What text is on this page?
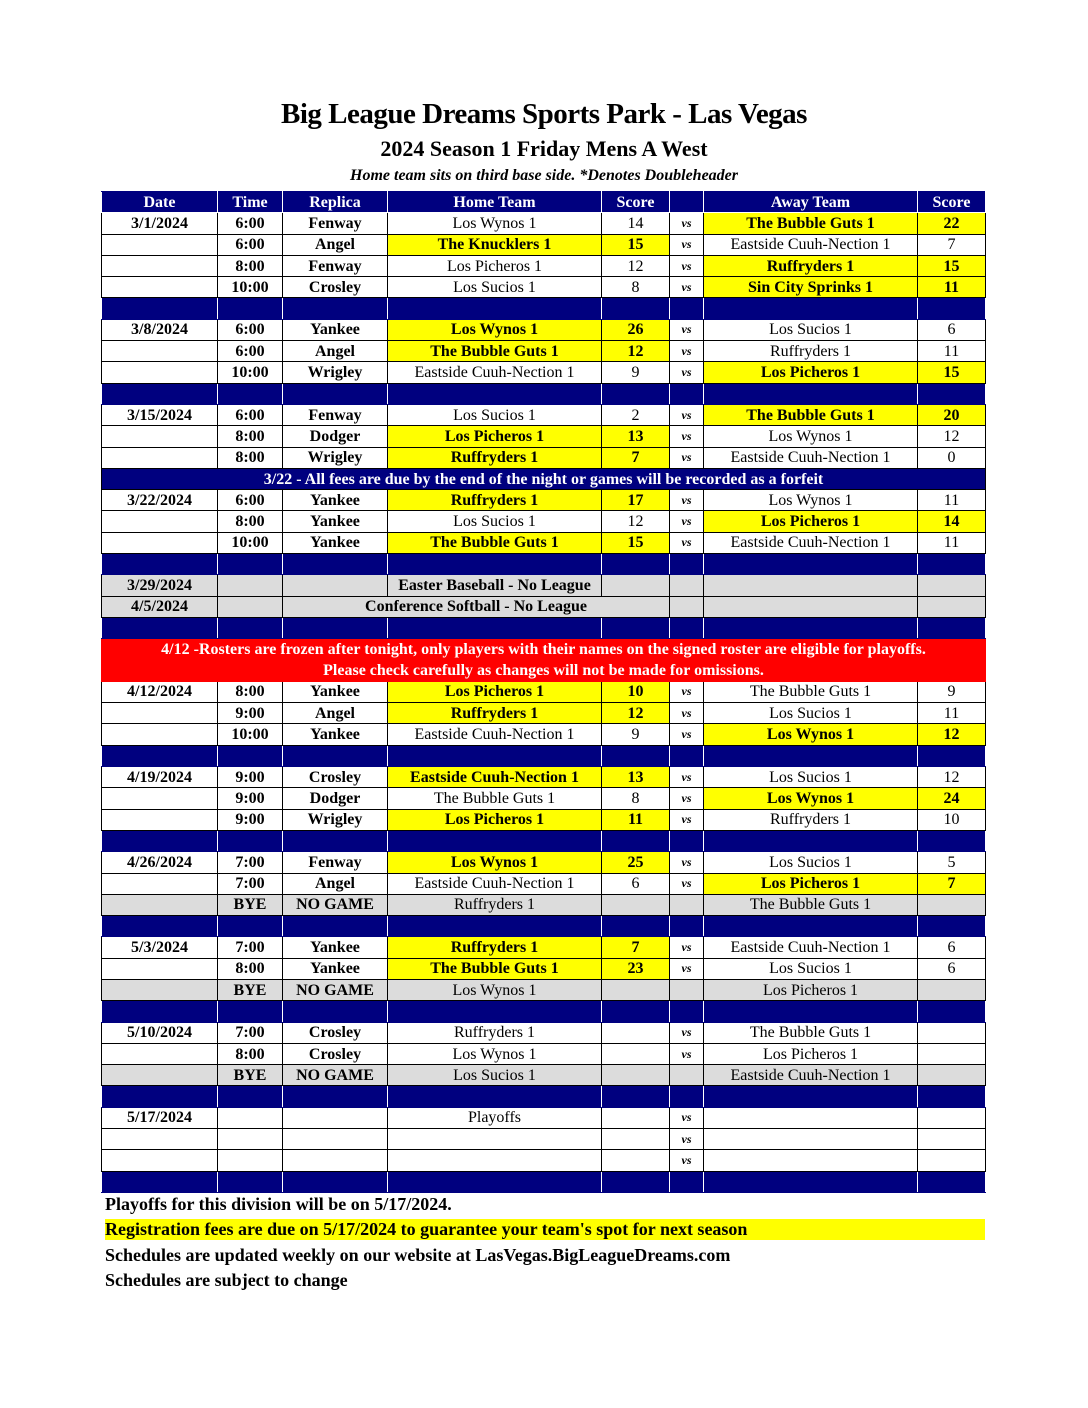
Big League Dreams Sports Park - Las Vegas
2024 Season 1 Friday Mens A West
Home team sits on third base side. *Denotes Doubleheader
Date	Time	Replica	Home Team	Score		Away Team	Score
3/1/2024	6:00	Fenway	Los Wynos 1	14	vs	The Bubble Guts 1	22
	6:00	Angel	The Knucklers 1	15	vs	Eastside Cuuh-Nection 1	7
	8:00	Fenway	Los Picheros 1	12	vs	Ruffryders 1	15
	10:00	Crosley	Los Sucios 1	8	vs	Sin City Sprinks 1	11

3/8/2024	6:00	Yankee	Los Wynos 1	26	vs	Los Sucios 1	6
	6:00	Angel	The Bubble Guts 1	12	vs	Ruffryders 1	11
	10:00	Wrigley	Eastside Cuuh-Nection 1	9	vs	Los Picheros 1	15

3/15/2024	6:00	Fenway	Los Sucios 1	2	vs	The Bubble Guts 1	20
	8:00	Dodger	Los Picheros 1	13	vs	Los Wynos 1	12
	8:00	Wrigley	Ruffryders 1	7	vs	Eastside Cuuh-Nection 1	0
3/22 - All fees are due by the end of the night or games will be recorded as a forfeit							
3/22/2024	6:00	Yankee	Ruffryders 1	17	vs	Los Wynos 1	11
	8:00	Yankee	Los Sucios 1	12	vs	Los Picheros 1	14
	10:00	Yankee	The Bubble Guts 1	15	vs	Eastside Cuuh-Nection 1	11

3/29/2024			Easter Baseball - No League				
4/5/2024		Conference Softball - No League					

4/12 -Rosters are frozen after tonight, only players with their names on the signed roster are eligible for playoffs.							
Please check carefully as changes will not be made for omissions.							
4/12/2024	8:00	Yankee	Los Picheros 1	10	vs	The Bubble Guts 1	9
	9:00	Angel	Ruffryders 1	12	vs	Los Sucios 1	11
	10:00	Yankee	Eastside Cuuh-Nection 1	9	vs	Los Wynos 1	12

4/19/2024	9:00	Crosley	Eastside Cuuh-Nection 1	13	vs	Los Sucios 1	12
	9:00	Dodger	The Bubble Guts 1	8	vs	Los Wynos 1	24
	9:00	Wrigley	Los Picheros 1	11	vs	Ruffryders 1	10

4/26/2024	7:00	Fenway	Los Wynos 1	25	vs	Los Sucios 1	5
	7:00	Angel	Eastside Cuuh-Nection 1	6	vs	Los Picheros 1	7
	BYE	NO GAME	Ruffryders 1			The Bubble Guts 1	

5/3/2024	7:00	Yankee	Ruffryders 1	7	vs	Eastside Cuuh-Nection 1	6
	8:00	Yankee	The Bubble Guts 1	23	vs	Los Sucios 1	6
	BYE	NO GAME	Los Wynos 1			Los Picheros 1	

5/10/2024	7:00	Crosley	Ruffryders 1		vs	The Bubble Guts 1	
	8:00	Crosley	Los Wynos 1		vs	Los Picheros 1	
	BYE	NO GAME	Los Sucios 1			Eastside Cuuh-Nection 1	

5/17/2024			Playoffs		vs		
					vs		
					vs		

Playoffs for this division will be on 5/17/2024.
Registration fees are due on 5/17/2024 to guarantee your team's spot for next season
Schedules are updated weekly on our website at LasVegas.BigLeagueDreams.com
Schedules are subject to change
